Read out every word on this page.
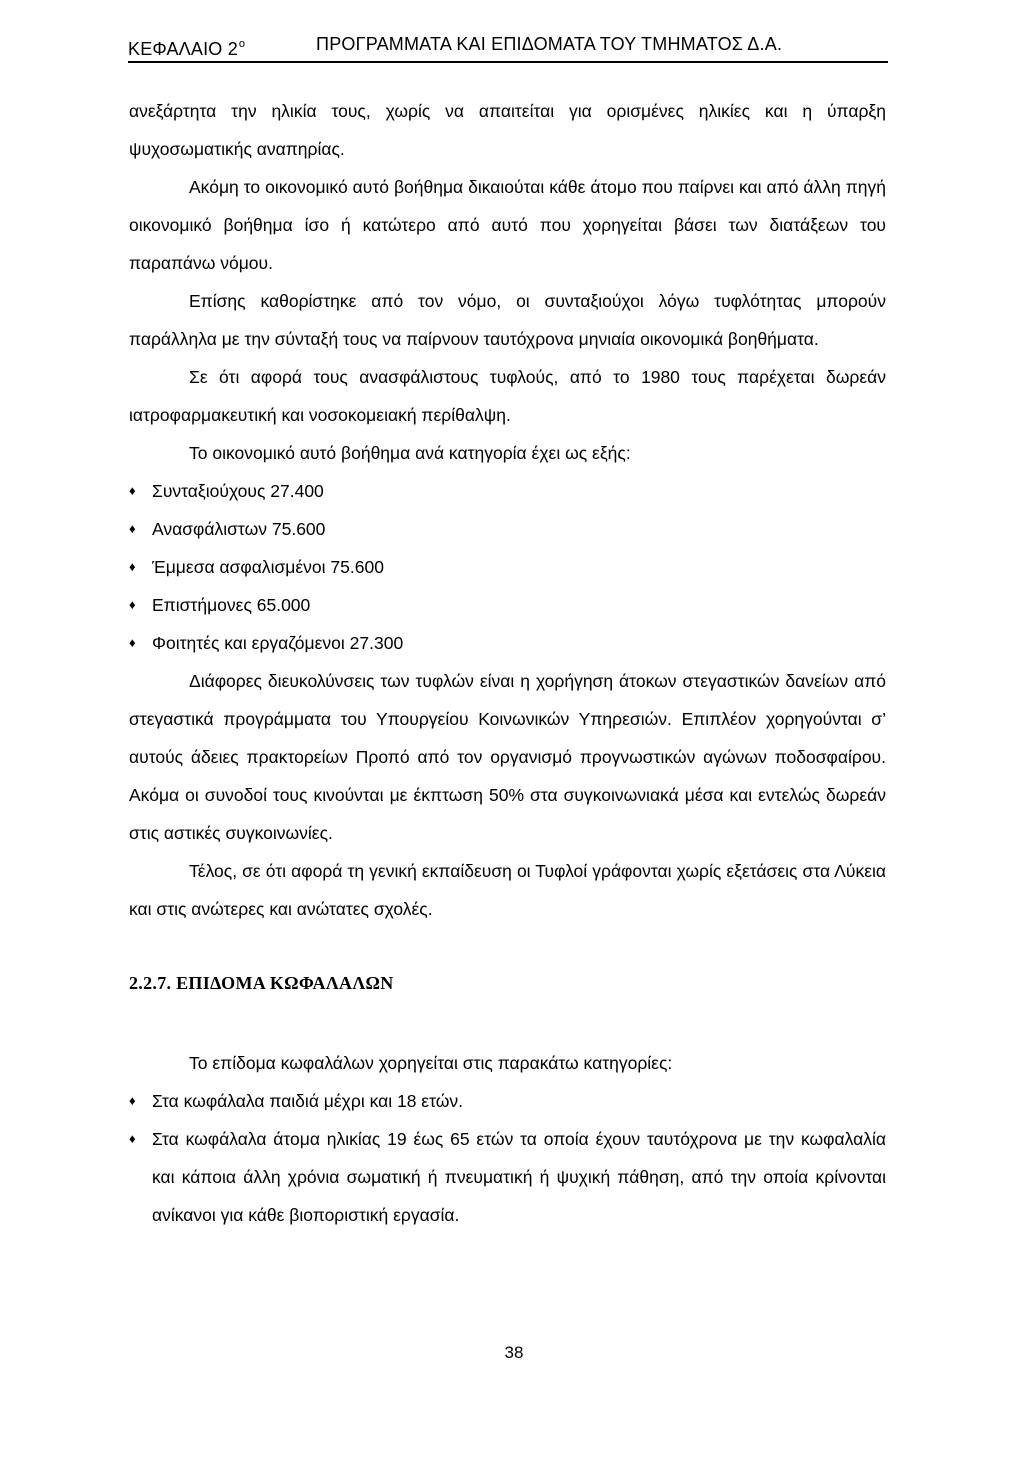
ΚΕΦΑΛΑΙΟ $2^o$	ΠΡΟΓΡΑΜΜΑΤΑ ΚΑΙ ΕΠΙΔΟΜΑΤΑ ΤΟΥ ΤΜΗΜΑΤΟΣ Δ.Α.

ανεξάρτητα την ηλικία τους, χωρίς να απαιτείται για ορισμένες ηλικίες και η ύπαρξη ψυχοσωματικής αναπηρίας.

Ακόμη το οικονομικό αυτό βοήθημα δικαιούται κάθε άτομο που παίρνει και από άλλη πηγή οικονομικό βοήθημα ίσο ή κατώτερο από αυτό που χορηγείται βάσει των διατάξεων του παραπάνω νόμου.

Επίσης καθορίστηκε από τον νόμο, οι συνταξιούχοι λόγω τυφλότητας μπορούν παράλληλα με την σύνταξή τους να παίρνουν ταυτόχρονα μηνιαία οικονομικά βοηθήματα.

Σε ότι αφορά τους ανασφάλιστους τυφλούς, από το 1980 τους παρέχεται δωρεάν ιατροφαρμακευτική και νοσοκομειακή περίθαλψη.

Το οικονομικό αυτό βοήθημα ανά κατηγορία έχει ως εξής:

♦ Συνταξιούχους 27.400
♦ Ανασφάλιστων 75.600
♦ Έμμεσα ασφαλισμένοι 75.600
♦ Επιστήμονες 65.000
♦ Φοιτητές και εργαζόμενοι 27.300

Διάφορες διευκολύνσεις των τυφλών είναι η χορήγηση άτοκων στεγαστικών δανείων από στεγαστικά προγράμματα του Υπουργείου Κοινωνικών Υπηρεσιών. Επιπλέον χορηγούνται σ’ αυτούς άδειες πρακτορείων Προπό από τον οργανισμό προγνωστικών αγώνων ποδοσφαίρου. Ακόμα οι συνοδοί τους κινούνται με έκπτωση 50% στα συγκοινωνιακά μέσα και εντελώς δωρεάν στις αστικές συγκοινωνίες.

Τέλος, σε ότι αφορά τη γενική εκπαίδευση οι Τυφλοί γράφονται χωρίς εξετάσεις στα Λύκεια και στις ανώτερες και ανώτατες σχολές.

2.2.7. ΕΠΙΔΟΜΑ ΚΩΦΑΛΑΛΩΝ

Το επίδομα κωφαλάλων χορηγείται στις παρακάτω κατηγορίες:

♦ Στα κωφάλαλα παιδιά μέχρι και 18 ετών.
♦ Στα κωφάλαλα άτομα ηλικίας 19 έως 65 ετών τα οποία έχουν ταυτόχρονα με την κωφαλαλία και κάποια άλλη χρόνια σωματική ή πνευματική ή ψυχική πάθηση, από την οποία κρίνονται ανίκανοι για κάθε βιοποριστική εργασία.
38
